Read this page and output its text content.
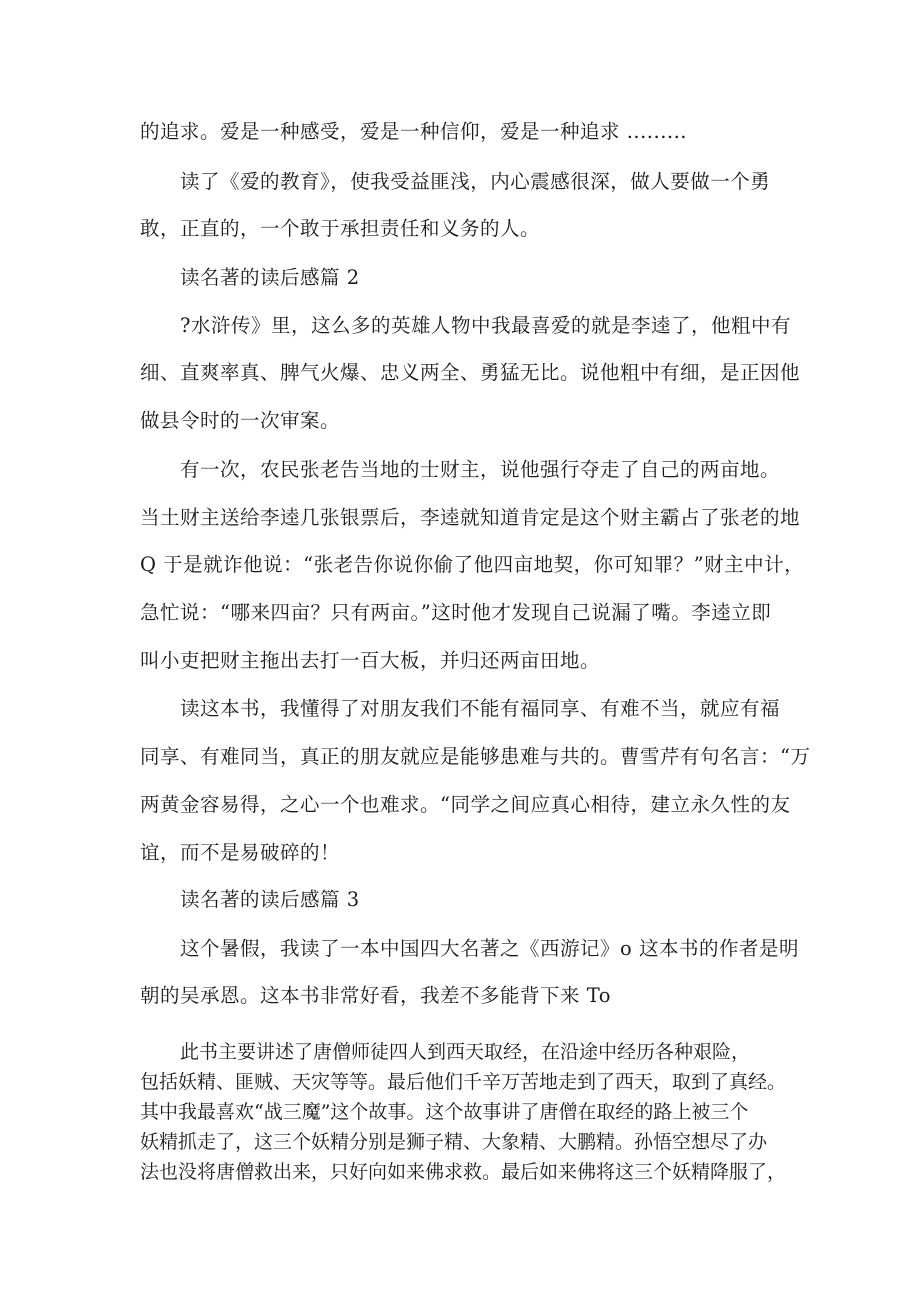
的追求。爱是一种感受，爱是一种信仰，爱是一种追求 .........
读了《爱的教育》，使我受益匪浅，内心震感很深，做人要做一个勇
敢，正直的，一个敢于承担责任和义务的人。
读名著的读后感篇 2
?水浒传》里，这么多的英雄人物中我最喜爱的就是李逵了，他粗中有
细、直爽率真、脾气火爆、忠义两全、勇猛无比。说他粗中有细，是正因他
做县令时的一次审案。
有一次，农民张老告当地的士财主，说他强行夺走了自己的两亩地。
当土财主送给李逵几张银票后，李逵就知道肯定是这个财主霸占了张老的地
Q 于是就诈他说：“张老告你说你偷了他四亩地契，你可知罪？”财主中计，
急忙说：“哪来四亩？只有两亩。”这时他才发现自己说漏了嘴。李逵立即
叫小吏把财主拖出去打一百大板，并归还两亩田地。
读这本书，我懂得了对朋友我们不能有福同享、有难不当，就应有福
同享、有难同当，真正的朋友就应是能够患难与共的。曹雪芹有句名言：“万
两黄金容易得，之心一个也难求。“同学之间应真心相待，建立永久性的友
谊，而不是易破碎的！
读名著的读后感篇 3
这个暑假，我读了一本中国四大名著之《西游记》o 这本书的作者是明
朝的吴承恩。这本书非常好看，我差不多能背下来 To
此书主要讲述了唐僧师徒四人到西天取经，在沿途中经历各种艰险，
包括妖精、匪贼、天灾等等。最后他们千辛万苦地走到了西天，取到了真经。
其中我最喜欢“战三魔”这个故事。这个故事讲了唐僧在取经的路上被三个
妖精抓走了，这三个妖精分别是狮子精、大象精、大鹏精。孙悟空想尽了办
法也没将唐僧救出来，只好向如来佛求救。最后如来佛将这三个妖精降服了，
